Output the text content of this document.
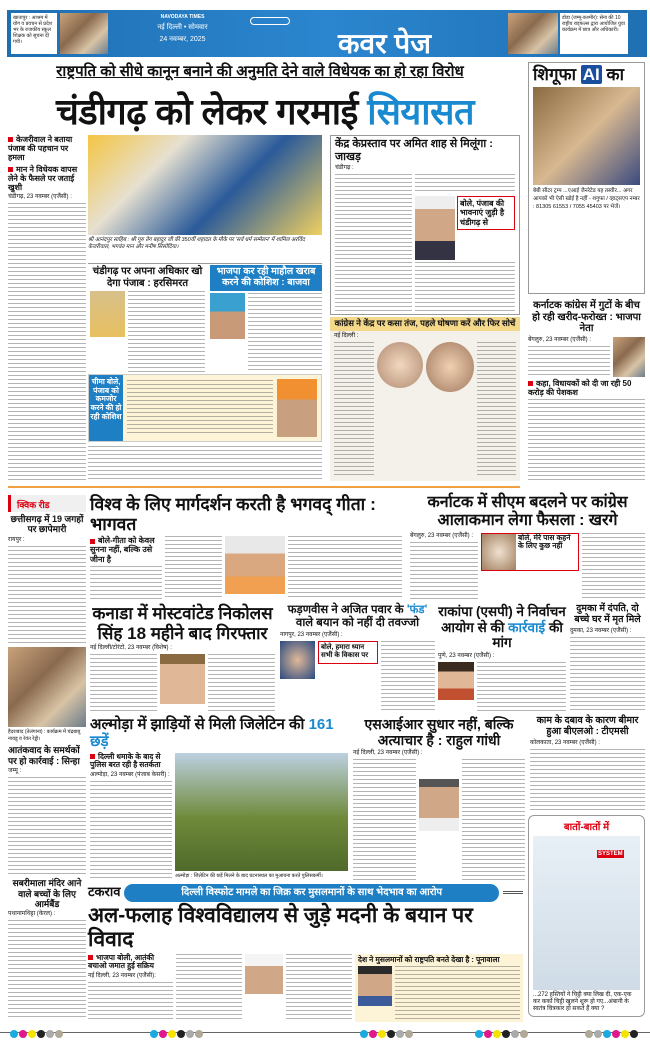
खातापुर : आश्रम में योग व प्रवचन से प्रदेश भर के राजकीय स्कूल शिक्षक को सूचना दी गयी।
NAVODAYA TIMES
नई दिल्ली • सोमवार
24 नवम्बर, 2025	कवर पेज
डोडा (जम्मू-कश्मीर): सेना की 10 राष्ट्रीय राइफल्स द्वारा आयोजित युवा कार्यक्रम में छात्र और अधिकारी।
राष्ट्रपति को सीधे कानून बनाने की अनुमति देने वाले विधेयक का हो रहा विरोध
चंडीगढ़ को लेकर गरमाई सियासत
केजरीवाल ने बताया पंजाब की पहचान पर हमला
मान ने विधेयक वापस लेने के फैसले पर जताई खुशी
चंडीगढ़, 23 नवम्बर (एजैंसी) :
श्री आनंदपुर साहिब : श्री गुरु तेग बहादुर जी की 350वीं शहादत के मौके पर 'सर्व धर्म सम्मेलन' में शामिल अरविंद केजरीवाल, भगवंत मान और मनीष सिसोदिया।
चंडीगढ़ पर अपना अधिकार खो देगा पंजाब : हरसिमरत
भाजपा कर रही माहौल खराब करने की कोशिश : बाजवा
चीमा बोले, पंजाब को कमजोर करने की हो रही कोशिश
केंद्र केप्रस्ताव पर अमित शाह से मिलूंगा : जाखड़
चंडीगढ़ :
बोले, पंजाब की भावनाएं जुड़ी है चंडीगढ़ से
कांग्रेस ने केंद्र पर कसा तंज, पहले घोषणा करें और फिर सोचें
नई दिल्ली :
शिगूफा AI का
बेबी सीटर ट्रम्प ...एआई जैनरेटेड यह तस्वीर... अगर आपको भी ऐसी खोई है नहीं - शगुफा / व्हाट्सएप नम्बर : 81305 61553 / 7055 45403 पर भेजें।
कर्नाटक कांग्रेस में गुटों के बीच हो रही खरीद-फरोख्त : भाजपा नेता
बेंगलुरु, 23 नवम्बर (एजैंसी) :
कहा, विधायकों को दी जा रही 50 करोड़ की पेशकश
क्विक रीड
छत्तीसगढ़ में 19 जगहों पर छापेमारी
रायपुर :
हैदराबाद (तेलंगाना) : कार्यक्रम में चंद्रबाबू नायडू व रेवंत रेड्डी।
आतंकवाद के समर्थकों पर हो कार्रवाई : सिन्हा
जम्मू :
सबरीमाला मंदिर आने वाले बच्चों के लिए आर्मबैंड
पथानामथिट्टा (केरल) :
विश्व के लिए मार्गदर्शन करती है भगवद् गीता : भागवत
बोले-गीता को केवल सुनना नहीं, बल्कि उसे जीना है
कर्नाटक में सीएम बदलने पर कांग्रेस आलाकमान लेगा फैसला : खरगे
बेंगलुरु, 23 नवम्बर (एजैंसी) :	बोले, मेरे पास कहने के लिए कुछ नहीं
कनाडा में मोस्टवांटेड निकोलस सिंह 18 महीने बाद गिरफ्तार
नई दिल्ली/टोरंटो, 23 नवम्बर (विशेष) :
फड़णवीस ने अजित पवार के 'फंड' वाले बयान को नहीं दी तवज्जो
नागपुर, 23 नवम्बर (एजैंसी) :
बोले, हमारा ध्यान सभी के विकास पर
राकांपा (एसपी) ने निर्वाचन आयोग से की कार्रवाई की मांग
पुणे, 23 नवम्बर (एजैंसी) :
दुमका में दंपति, दो बच्चे घर में मृत मिले
दुमका, 23 नवम्बर (एजैंसी) :
अल्मोड़ा में झाड़ियों से मिली जिलेटिन की 161 छड़ें
दिल्ली धमाके के बाद से पुलिस बरत रही है सतर्कता
अल्मोड़ा, 23 नवम्बर (पंजाब केसरी) :
अल्मोड़ा : जिलेटिन की छड़ें मिलने के बाद घटनास्थल का मुआयना करते पुलिसकर्मी।
एसआईआर सुधार नहीं, बल्कि अत्याचार है : राहुल गांधी
नई दिल्ली, 23 नवम्बर (एजैंसी) :
काम के दबाव के कारण बीमार हुआ बीएलओ : टीएमसी
कोलकाता, 23 नवम्बर (एजैंसी) :
बातों-बातों में
SYSTEM
...272 हस्तियों ने चिट्ठी क्या लिख दी, एक-एक कर कर्को चिट्ठी खुलने शुरू हो गए...अंबानी के स्वतंत्र चित्रकार हो सकते हैं क्या ?
टकराव	दिल्ली विस्फोट मामले का जिक्र कर मुसलमानों के साथ भेदभाव का आरोप
अल-फलाह विश्वविद्यालय से जुड़े मदनी के बयान पर विवाद
भाजपा बोली, आतंकी बचाओ जमात हुई सक्रिय
नई दिल्ली, 23 नवम्बर (एजैंसी):
देश ने मुसलमानों को राष्ट्रपति बनते देखा है : पूनावाला
